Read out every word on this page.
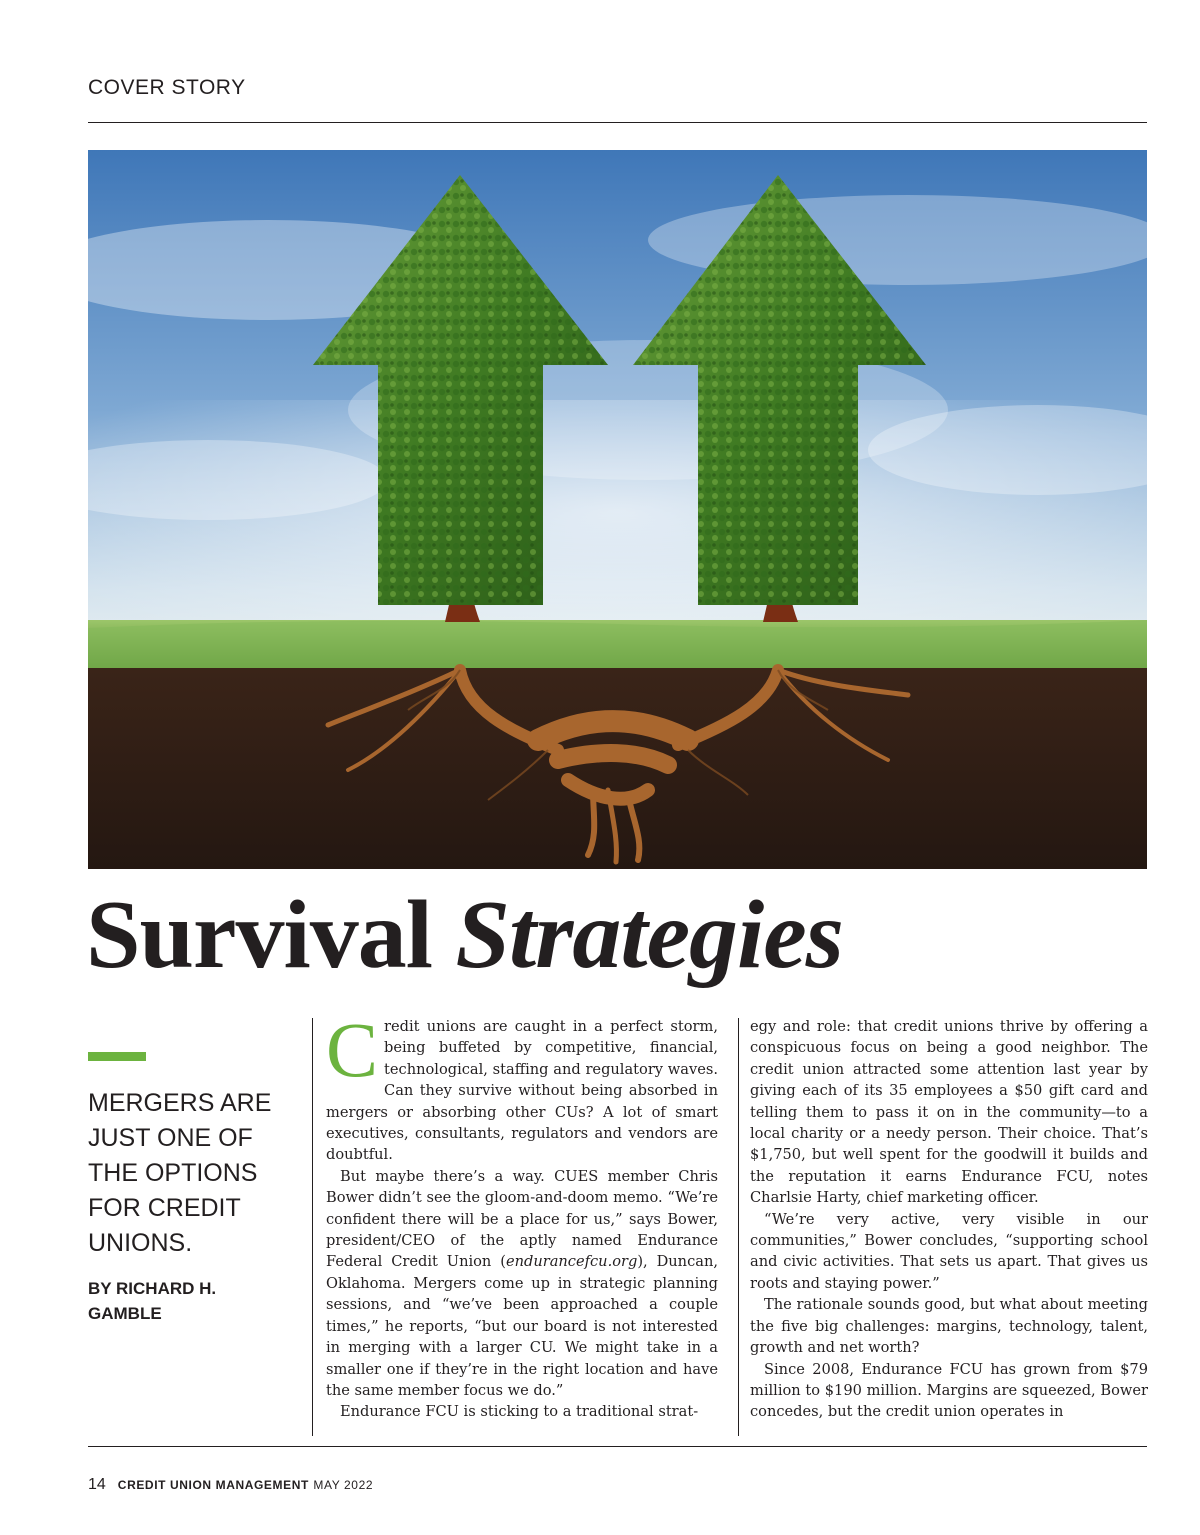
COVER STORY
Survival Strategies
MERGERS ARE JUST ONE OF THE OPTIONS FOR CREDIT UNIONS.
BY RICHARD H. GAMBLE

Credit unions are caught in a perfect storm, being buffeted by competitive, financial, technological, staffing and regulatory waves. Can they survive without being absorbed in mergers or absorbing other CUs? A lot of smart executives, consultants, regulators and vendors are doubtful.

But maybe there’s a way. CUES member Chris Bower didn’t see the gloom-and-doom memo. “We’re confident there will be a place for us,” says Bower, president/CEO of the aptly named Endurance Federal Credit Union (endurancefcu.org), Duncan, Oklahoma. Mergers come up in strategic planning sessions, and “we’ve been approached a couple times,” he reports, “but our board is not interested in merging with a larger CU. We might take in a smaller one if they’re in the right location and have the same member focus we do.”

Endurance FCU is sticking to a traditional strat-

egy and role: that credit unions thrive by offering a conspicuous focus on being a good neighbor. The credit union attracted some attention last year by giving each of its 35 employees a $50 gift card and telling them to pass it on in the community—to a local charity or a needy person. Their choice. That’s $1,750, but well spent for the goodwill it builds and the reputation it earns Endurance FCU, notes Charlsie Harty, chief marketing officer.

“We’re very active, very visible in our communities,” Bower concludes, “supporting school and civic activities. That sets us apart. That gives us roots and staying power.”

The rationale sounds good, but what about meeting the five big challenges: margins, technology, talent, growth and net worth?

Since 2008, Endurance FCU has grown from $79 million to $190 million. Margins are squeezed, Bower concedes, but the credit union operates in

14 CREDIT UNION MANAGEMENT MAY 2022
